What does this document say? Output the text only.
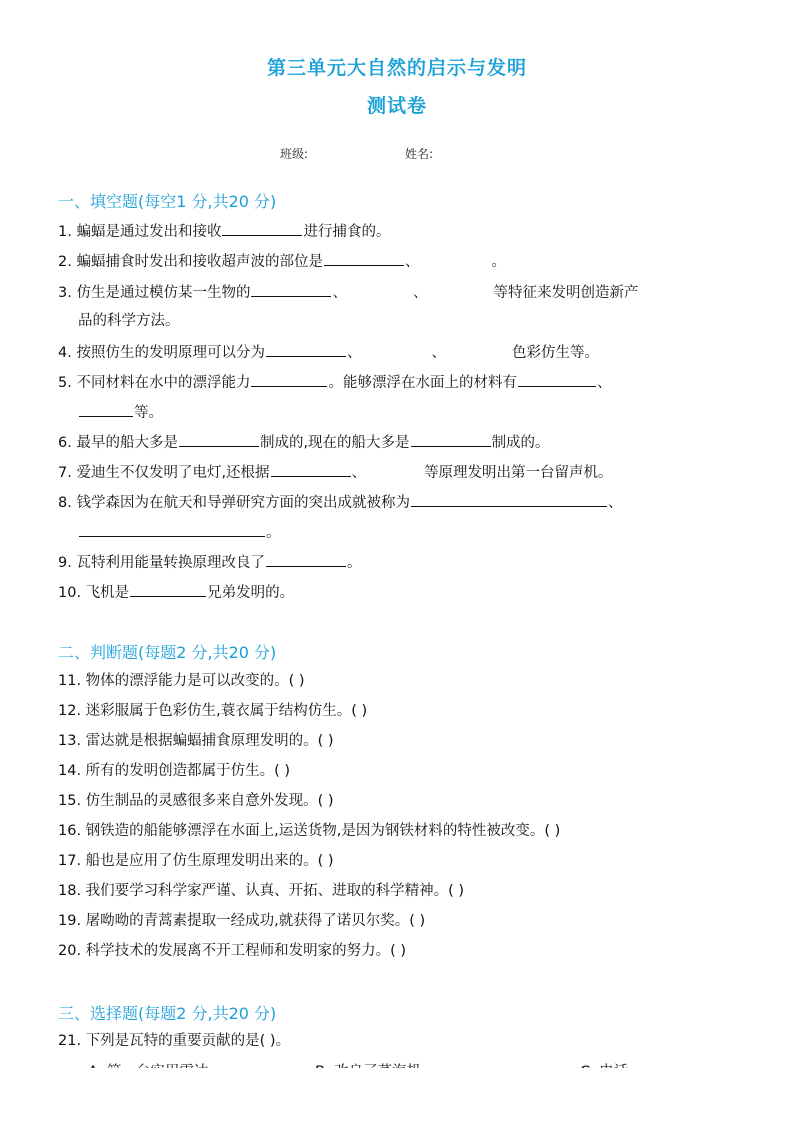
第三单元大自然的启示与发明
测试卷
班级:	姓名:
一、填空题(每空1 分,共20 分)
1. 蝙蝠是通过发出和接收	进行捕食的。
2. 蝙蝠捕食时发出和接收超声波的部位是	、	。
3. 仿生是通过模仿某一生物的	、	、	等特征来发明创造新产
品的科学方法。
4. 按照仿生的发明原理可以分为	、	、	色彩仿生等。
5. 不同材料在水中的漂浮能力	。能够漂浮在水面上的材料有	、
等。
6. 最早的船大多是	制成的,现在的船大多是	制成的。
7. 爱迪生不仅发明了电灯,还根据	、	等原理发明出第一台留声机。
8. 钱学森因为在航天和导弹研究方面的突出成就被称为	、
。
9. 瓦特利用能量转换原理改良了	。
10. 飞机是	兄弟发明的。
二、判断题(每题2 分,共20 分)
11. 物体的漂浮能力是可以改变的。( )
12. 迷彩服属于色彩仿生,蓑衣属于结构仿生。( )
13. 雷达就是根据蝙蝠捕食原理发明的。( )
14. 所有的发明创造都属于仿生。( )
15. 仿生制品的灵感很多来自意外发现。( )
16. 钢铁造的船能够漂浮在水面上,运送货物,是因为钢铁材料的特性被改变。( )
17. 船也是应用了仿生原理发明出来的。( )
18. 我们要学习科学家严谨、认真、开拓、进取的科学精神。( )
19. 屠呦呦的青蒿素提取一经成功,就获得了诺贝尔奖。( )
20. 科学技术的发展离不开工程师和发明家的努力。( )
三、选择题(每题2 分,共20 分)
21. 下列是瓦特的重要贡献的是( )。
